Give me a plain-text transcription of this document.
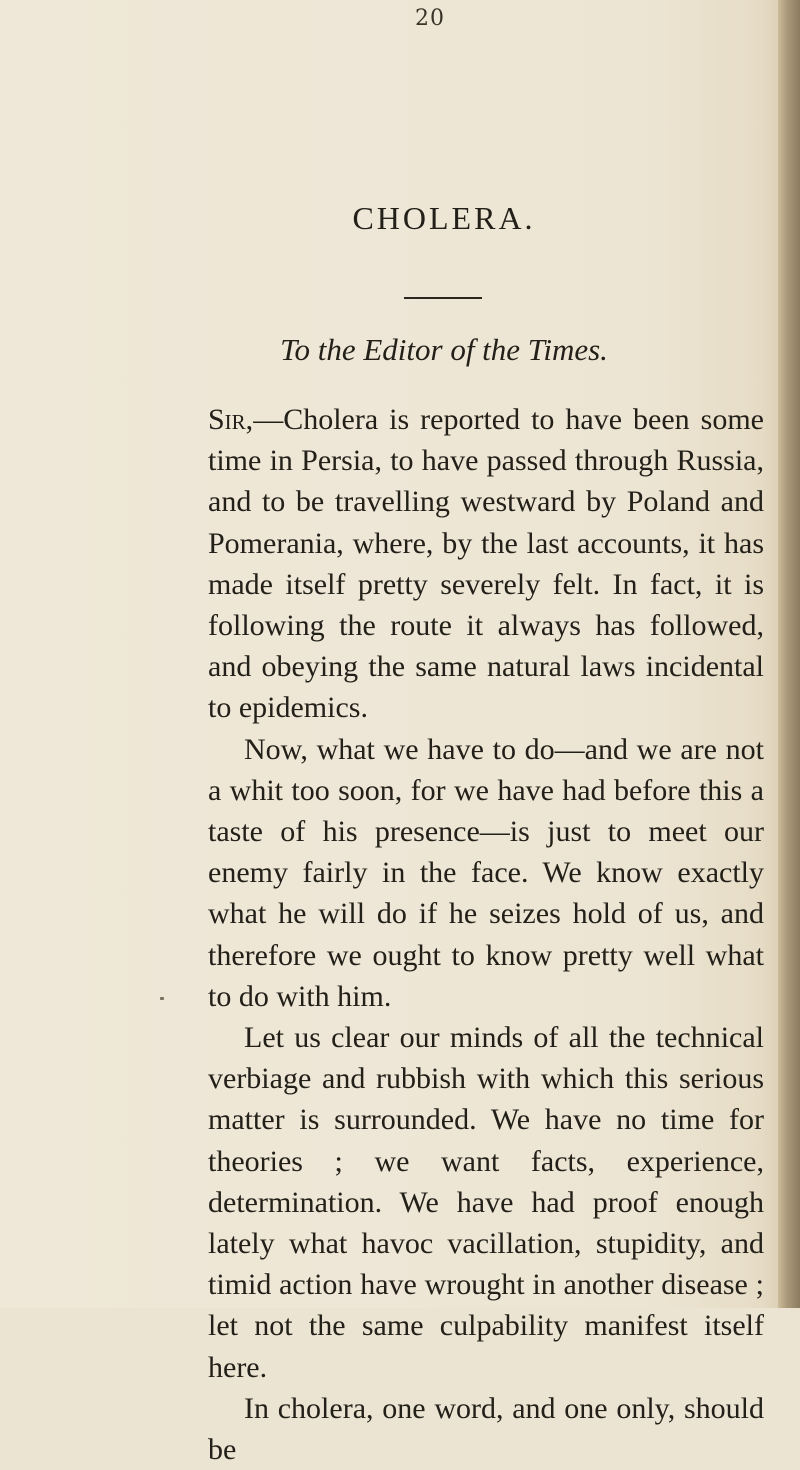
20
CHOLERA.
To the Editor of the Times.

Sir,—Cholera is reported to have been some time in Persia, to have passed through Russia, and to be travelling westward by Poland and Pomerania, where, by the last accounts, it has made itself pretty severely felt. In fact, it is following the route it always has followed, and obeying the same natural laws incidental to epidemics.

Now, what we have to do—and we are not a whit too soon, for we have had before this a taste of his presence—is just to meet our enemy fairly in the face. We know exactly what he will do if he seizes hold of us, and therefore we ought to know pretty well what to do with him.

Let us clear our minds of all the technical verbiage and rubbish with which this serious matter is surrounded. We have no time for theories ; we want facts, experience, determination. We have had proof enough lately what havoc vacillation, stupidity, and timid action have wrought in another disease ; let not the same culpability manifest itself here.

In cholera, one word, and one only, should be
